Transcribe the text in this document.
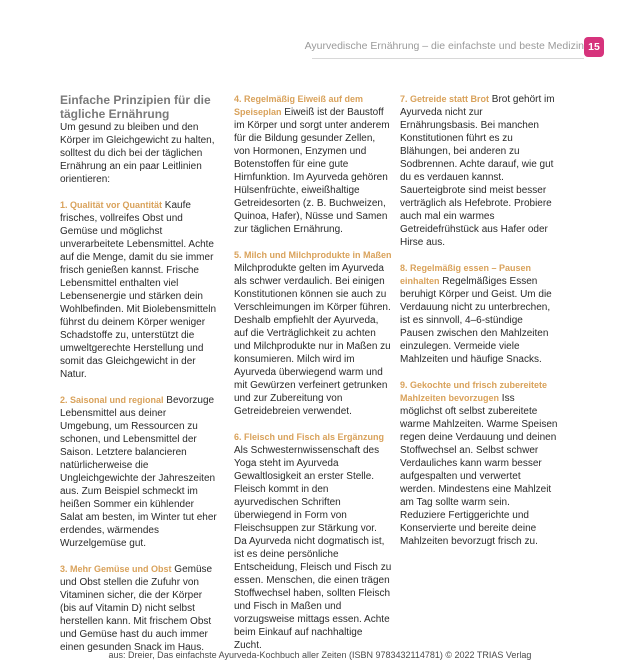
Ayurvedische Ernährung – die einfachste und beste Medizin 15
Einfache Prinzipien für die tägliche Ernährung

Um gesund zu bleiben und den Körper im Gleichgewicht zu halten, solltest du dich bei der täglichen Ernährung an ein paar Leitlinien orientieren:

1. Qualität vor Quantität Kaufe frisches, vollreifes Obst und Gemüse und möglichst unverarbeitete Lebensmittel. Achte auf die Menge, damit du sie immer frisch genießen kannst. Frische Lebensmittel enthalten viel Lebensenergie und stärken dein Wohlbefinden. Mit Biolebensmitteln führst du deinem Körper weniger Schadstoffe zu, unterstützt die umweltgerechte Herstellung und somit das Gleichgewicht in der Natur.

2. Saisonal und regional Bevorzuge Lebensmittel aus deiner Umgebung, um Ressourcen zu schonen, und Lebensmittel der Saison. Letztere balancieren natürlicherweise die Ungleichgewichte der Jahreszeiten aus. Zum Beispiel schmeckt im heißen Sommer ein kühlender Salat am besten, im Winter tut eher erdendes, wärmendes Wurzelgemüse gut.

3. Mehr Gemüse und Obst Gemüse und Obst stellen die Zufuhr von Vitaminen sicher, die der Körper (bis auf Vitamin D) nicht selbst herstellen kann. Mit frischem Obst und Gemüse hast du auch immer einen gesunden Snack im Haus.

4. Regelmäßig Eiweiß auf dem Speiseplan Eiweiß ist der Baustoff im Körper und sorgt unter anderem für die Bildung gesunder Zellen, von Hormonen, Enzymen und Botenstoffen für eine gute Hirnfunktion. Im Ayurveda gehören Hülsenfrüchte, eiweißhaltige Getreidesorten (z. B. Buchweizen, Quinoa, Hafer), Nüsse und Samen zur täglichen Ernährung.

5. Milch und Milchprodukte in Maßen Milchprodukte gelten im Ayurveda als schwer verdaulich. Bei einigen Konstitutionen können sie auch zu Verschleimungen im Körper führen. Deshalb empfiehlt der Ayurveda, auf die Verträglichkeit zu achten und Milchprodukte nur in Maßen zu konsumieren. Milch wird im Ayurveda überwiegend warm und mit Gewürzen verfeinert getrunken und zur Zubereitung von Getreidebreien verwendet.

6. Fleisch und Fisch als Ergänzung Als Schwesternwissenschaft des Yoga steht im Ayurveda Gewaltlosigkeit an erster Stelle. Fleisch kommt in den ayurvedischen Schriften überwiegend in Form von Fleischsuppen zur Stärkung vor. Da Ayurveda nicht dogmatisch ist, ist es deine persönliche Entscheidung, Fleisch und Fisch zu essen. Menschen, die einen trägen Stoffwechsel haben, sollten Fleisch und Fisch in Maßen und vorzugsweise mittags essen. Achte beim Einkauf auf nachhaltige Zucht.

7. Getreide statt Brot Brot gehört im Ayurveda nicht zur Ernährungsbasis. Bei manchen Konstitutionen führt es zu Blähungen, bei anderen zu Sodbrennen. Achte darauf, wie gut du es verdauen kannst. Sauerteigbrote sind meist besser verträglich als Hefebrote. Probiere auch mal ein warmes Getreidefrühstück aus Hafer oder Hirse aus.

8. Regelmäßig essen – Pausen einhalten Regelmäßiges Essen beruhigt Körper und Geist. Um die Verdauung nicht zu unterbrechen, ist es sinnvoll, 4–6-stündige Pausen zwischen den Mahlzeiten einzulegen. Vermeide viele Mahlzeiten und häufige Snacks.

9. Gekochte und frisch zubereitete Mahlzeiten bevorzugen Iss möglichst oft selbst zubereitete warme Mahlzeiten. Warme Speisen regen deine Verdauung und deinen Stoffwechsel an. Selbst schwer Verdauliches kann warm besser aufgespalten und verwertet werden. Mindestens eine Mahlzeit am Tag sollte warm sein. Reduziere Fertiggerichte und Konservierte und bereite deine Mahlzeiten bevorzugt frisch zu.

aus: Dreier, Das einfachste Ayurveda-Kochbuch aller Zeiten (ISBN 9783432114781) © 2022 TRIAS Verlag
